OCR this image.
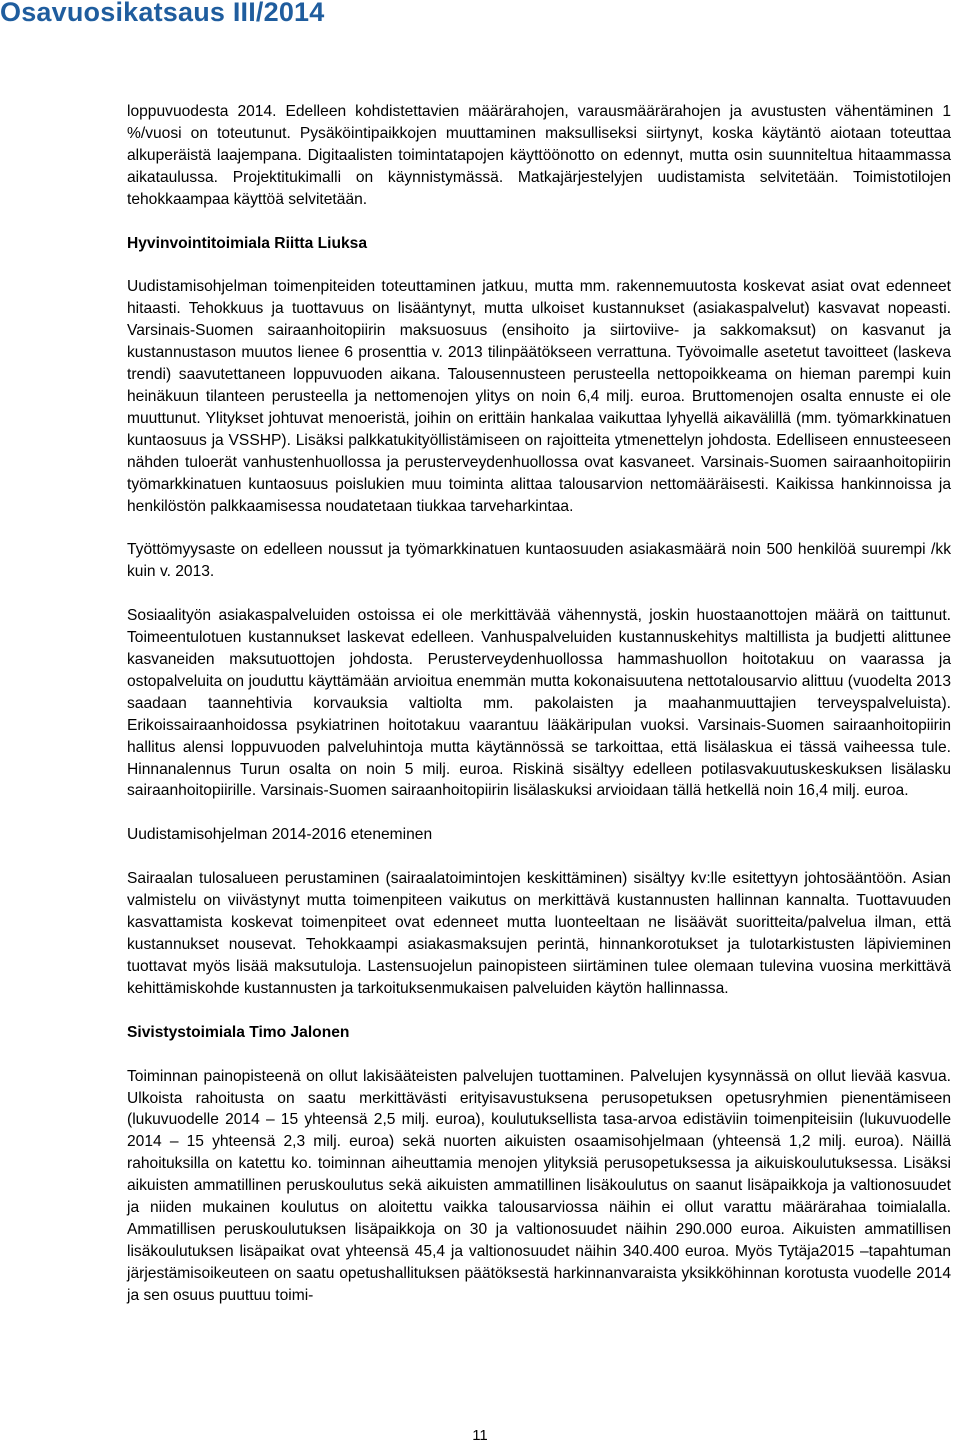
Osavuosikatsaus III/2014

loppuvuodesta 2014. Edelleen kohdistettavien määrärahojen, varausmäärärahojen ja avustusten vähentäminen 1 %/vuosi on toteutunut. Pysäköintipaikkojen muuttaminen maksulliseksi siirtynyt, koska käytäntö aiotaan toteuttaa alkuperäistä laajempana. Digitaalisten toimintatapojen käyttöönotto on edennyt, mutta osin suunniteltua hitaammassa aikataulussa. Projektitukimalli on käynnistymässä. Matkajärjestelyjen uudistamista selvitetään. Toimistotilojen tehokkaampaa käyttöä selvitetään.

Hyvinvointitoimiala Riitta Liuksa

Uudistamisohjelman toimenpiteiden toteuttaminen jatkuu, mutta mm. rakennemuutosta koskevat asiat ovat edenneet hitaasti. Tehokkuus ja tuottavuus on lisääntynyt, mutta ulkoiset kustannukset (asiakaspalvelut) kasvavat nopeasti. Varsinais-Suomen sairaanhoitopiirin maksuosuus (ensihoito ja siirtoviive- ja sakkomaksut) on kasvanut ja kustannustason muutos lienee 6 prosenttia v. 2013 tilinpäätökseen verrattuna. Työvoimalle asetetut tavoitteet (laskeva trendi) saavutettaneen loppuvuoden aikana. Talousennusteen perusteella nettopoikkeama on hieman parempi kuin heinäkuun tilanteen perusteella ja nettomenojen ylitys on noin 6,4 milj. euroa. Bruttomenojen osalta ennuste ei ole muuttunut. Ylitykset johtuvat menoeristä, joihin on erittäin hankalaa vaikuttaa lyhyellä aikavälillä (mm. työmarkkinatuen kuntaosuus ja VSSHP). Lisäksi palkkatukityöllistämiseen on rajoitteita ytmenettelyn johdosta. Edelliseen ennusteeseen nähden tuloerät vanhustenhuollossa ja perusterveydenhuollossa ovat kasvaneet. Varsinais-Suomen sairaanhoitopiirin työmarkkinatuen kuntaosuus poislukien muu toiminta alittaa talousarvion nettomääräisesti. Kaikissa hankinnoissa ja henkilöstön palkkaamisessa noudatetaan tiukkaa tarveharkintaa.

Työttömyysaste on edelleen noussut ja työmarkkinatuen kuntaosuuden asiakasmäärä noin 500 henkilöä suurempi /kk kuin v. 2013.

Sosiaalityön asiakaspalveluiden ostoissa ei ole merkittävää vähennystä, joskin huostaanottojen määrä on taittunut. Toimeentulotuen kustannukset laskevat edelleen. Vanhuspalveluiden kustannuskehitys maltillista ja budjetti alittunee kasvaneiden maksutuottojen johdosta. Perusterveydenhuollossa hammashuollon hoitotakuu on vaarassa ja ostopalveluita on jouduttu käyttämään arvioitua enemmän mutta kokonaisuutena nettotalousarvio alittuu (vuodelta 2013 saadaan taannehtivia korvauksia valtiolta mm. pakolaisten ja maahanmuuttajien terveyspalveluista). Erikoissairaanhoidossa psykiatrinen hoitotakuu vaarantuu lääkäripulan vuoksi. Varsinais-Suomen sairaanhoitopiirin hallitus alensi loppuvuoden palveluhintoja mutta käytännössä se tarkoittaa, että lisälaskua ei tässä vaiheessa tule. Hinnanalennus Turun osalta on noin 5 milj. euroa. Riskinä sisältyy edelleen potilasvakuutuskeskuksen lisälasku sairaanhoitopiirille. Varsinais-Suomen sairaanhoitopiirin lisälaskuksi arvioidaan tällä hetkellä noin 16,4 milj. euroa.

Uudistamisohjelman 2014-2016 eteneminen

Sairaalan tulosalueen perustaminen (sairaalatoimintojen keskittäminen) sisältyy kv:lle esitettyyn johtosääntöön. Asian valmistelu on viivästynyt mutta toimenpiteen vaikutus on merkittävä kustannusten hallinnan kannalta. Tuottavuuden kasvattamista koskevat toimenpiteet ovat edenneet mutta luonteeltaan ne lisäävät suoritteita/palvelua ilman, että kustannukset nousevat. Tehokkaampi asiakasmaksujen perintä, hinnankorotukset ja tulotarkistusten läpivieminen tuottavat myös lisää maksutuloja. Lastensuojelun painopisteen siirtäminen tulee olemaan tulevina vuosina merkittävä kehittämiskohde kustannusten ja tarkoituksenmukaisen palveluiden käytön hallinnassa.

Sivistystoimiala Timo Jalonen

Toiminnan painopisteenä on ollut lakisääteisten palvelujen tuottaminen. Palvelujen kysynnässä on ollut lievää kasvua. Ulkoista rahoitusta on saatu merkittävästi erityisavustuksena perusopetuksen opetusryhmien pienentämiseen (lukuvuodelle 2014 – 15 yhteensä 2,5 milj. euroa), koulutuksellista tasa-arvoa edistäviin toimenpiteisiin (lukuvuodelle 2014 – 15 yhteensä 2,3 milj. euroa) sekä nuorten aikuisten osaamisohjelmaan (yhteensä 1,2 milj. euroa). Näillä rahoituksilla on katettu ko. toiminnan aiheuttamia menojen ylityksiä perusopetuksessa ja aikuiskoulutuksessa. Lisäksi aikuisten ammatillinen peruskoulutus sekä aikuisten ammatillinen lisäkoulutus on saanut lisäpaikkoja ja valtionosuudet ja niiden mukainen koulutus on aloitettu vaikka talousarviossa näihin ei ollut varattu määrärahaa toimialalla. Ammatillisen peruskoulutuksen lisäpaikkoja on 30 ja valtionosuudet näihin 290.000 euroa. Aikuisten ammatillisen lisäkoulutuksen lisäpaikat ovat yhteensä 45,4 ja valtionosuudet näihin 340.400 euroa. Myös Tytäja2015 –tapahtuman järjestämisoikeuteen on saatu opetushallituksen päätöksestä harkinnanvaraista yksikköhinnan korotusta vuodelle 2014 ja sen osuus puuttuu toimi-

11
